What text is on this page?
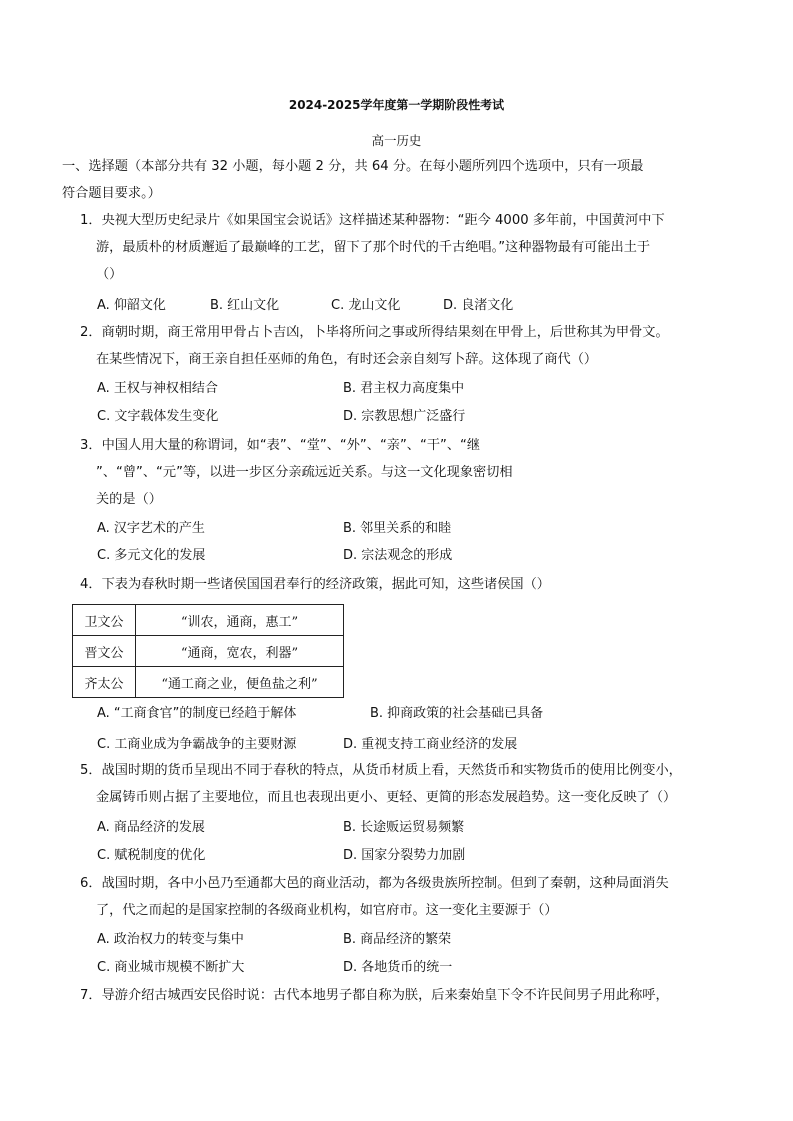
2024-2025学年度第一学期阶段性考试
高一历史
一、选择题（本部分共有 32 小题，每小题 2 分，共 64 分。在每小题所列四个选项中，只有一项最
符合题目要求。）
1．央视大型历史纪录片《如果国宝会说话》这样描述某种器物：“距今 4000 多年前，中国黄河中下
游，最质朴的材质邂逅了最巅峰的工艺，留下了那个时代的千古绝唱。”这种器物最有可能出土于
（）
A. 仰韶文化	B. 红山文化	C. 龙山文化	D. 良渚文化
2．商朝时期，商王常用甲骨占卜吉凶，卜毕将所问之事或所得结果刻在甲骨上，后世称其为甲骨文。
在某些情况下，商王亲自担任巫师的角色，有时还会亲自刻写卜辞。这体现了商代（）
A. 王权与神权相结合	B. 君主权力高度集中
C. 文字载体发生变化	D. 宗教思想广泛盛行
3．中国人用大量的称谓词，如“表”、“堂”、“外”、“亲”、“干”、“继
”、“曾”、“元”等，以进一步区分亲疏远近关系。与这一文化现象密切相
关的是（）
A. 汉字艺术的产生	B. 邻里关系的和睦
C. 多元文化的发展	D. 宗法观念的形成
4．下表为春秋时期一些诸侯国国君奉行的经济政策，据此可知，这些诸侯国（）
卫文公	“训农，通商，惠工”
晋文公	“通商，宽农，利器”
齐太公	“通工商之业，便鱼盐之利”
A. “工商食官”的制度已经趋于解体	B. 抑商政策的社会基础已具备
C. 工商业成为争霸战争的主要财源	D. 重视支持工商业经济的发展
5．战国时期的货币呈现出不同于春秋的特点，从货币材质上看，天然货币和实物货币的使用比例变小，
金属铸币则占据了主要地位，而且也表现出更小、更轻、更简的形态发展趋势。这一变化反映了（）
A. 商品经济的发展	B. 长途贩运贸易频繁
C. 赋税制度的优化	D. 国家分裂势力加剧
6．战国时期，各中小邑乃至通都大邑的商业活动，都为各级贵族所控制。但到了秦朝，这种局面消失
了，代之而起的是国家控制的各级商业机构，如官府市。这一变化主要源于（）
A. 政治权力的转变与集中	B. 商品经济的繁荣
C. 商业城市规模不断扩大	D. 各地货币的统一
7．导游介绍古城西安民俗时说：古代本地男子都自称为朕，后来秦始皇下令不许民间男子用此称呼，
